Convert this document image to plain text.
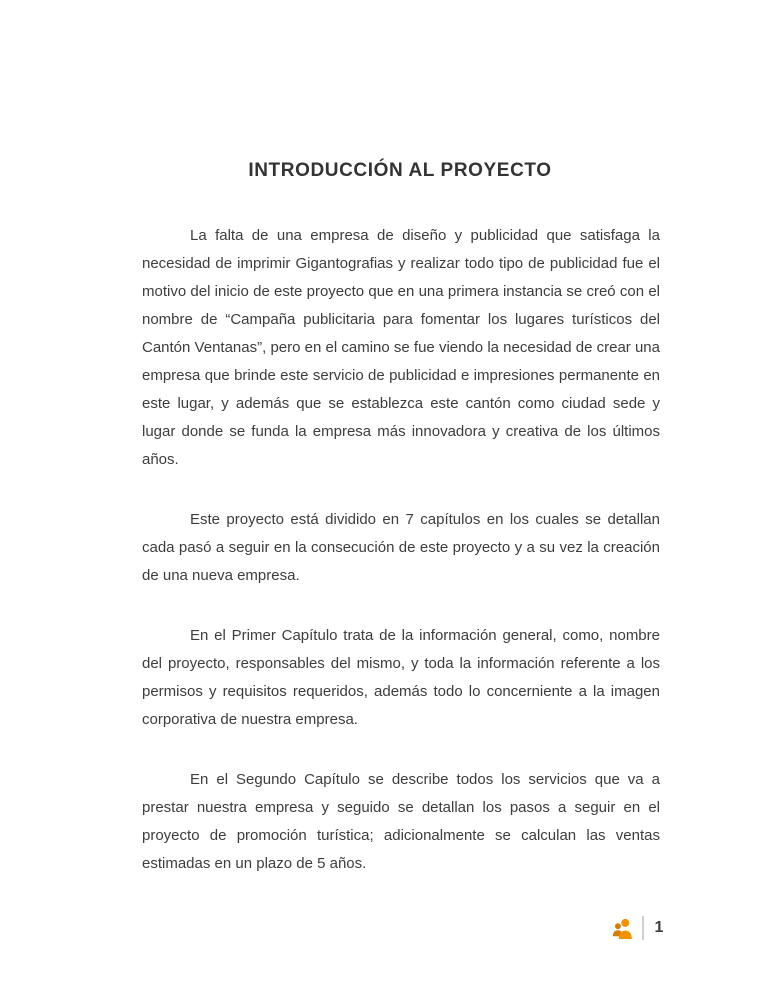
INTRODUCCIÓN AL PROYECTO

La falta de una empresa de diseño y publicidad que satisfaga la necesidad de imprimir Gigantografias y realizar todo tipo de publicidad fue el motivo del inicio de este proyecto que en una primera instancia se creó con el nombre de “Campaña publicitaria para fomentar los lugares turísticos del Cantón Ventanas”, pero en el camino se fue viendo la necesidad de crear una empresa que brinde este servicio de publicidad e impresiones permanente en este lugar, y además que se establezca este cantón como ciudad sede y lugar donde se funda la empresa más innovadora y creativa de los últimos años.

Este proyecto está dividido en 7 capítulos en los cuales se detallan cada pasó a seguir en la consecución de este proyecto y a su vez la creación de una nueva empresa.

En el Primer Capítulo trata de la información general, como, nombre del proyecto, responsables del mismo, y toda la información referente a los permisos y requisitos requeridos, además todo lo concerniente a la imagen corporativa de nuestra empresa.

En el Segundo Capítulo se describe todos los servicios que va a prestar nuestra empresa y seguido se detallan los pasos a seguir en el proyecto de promoción turística; adicionalmente se calculan las ventas estimadas en un plazo de 5 años.

1
